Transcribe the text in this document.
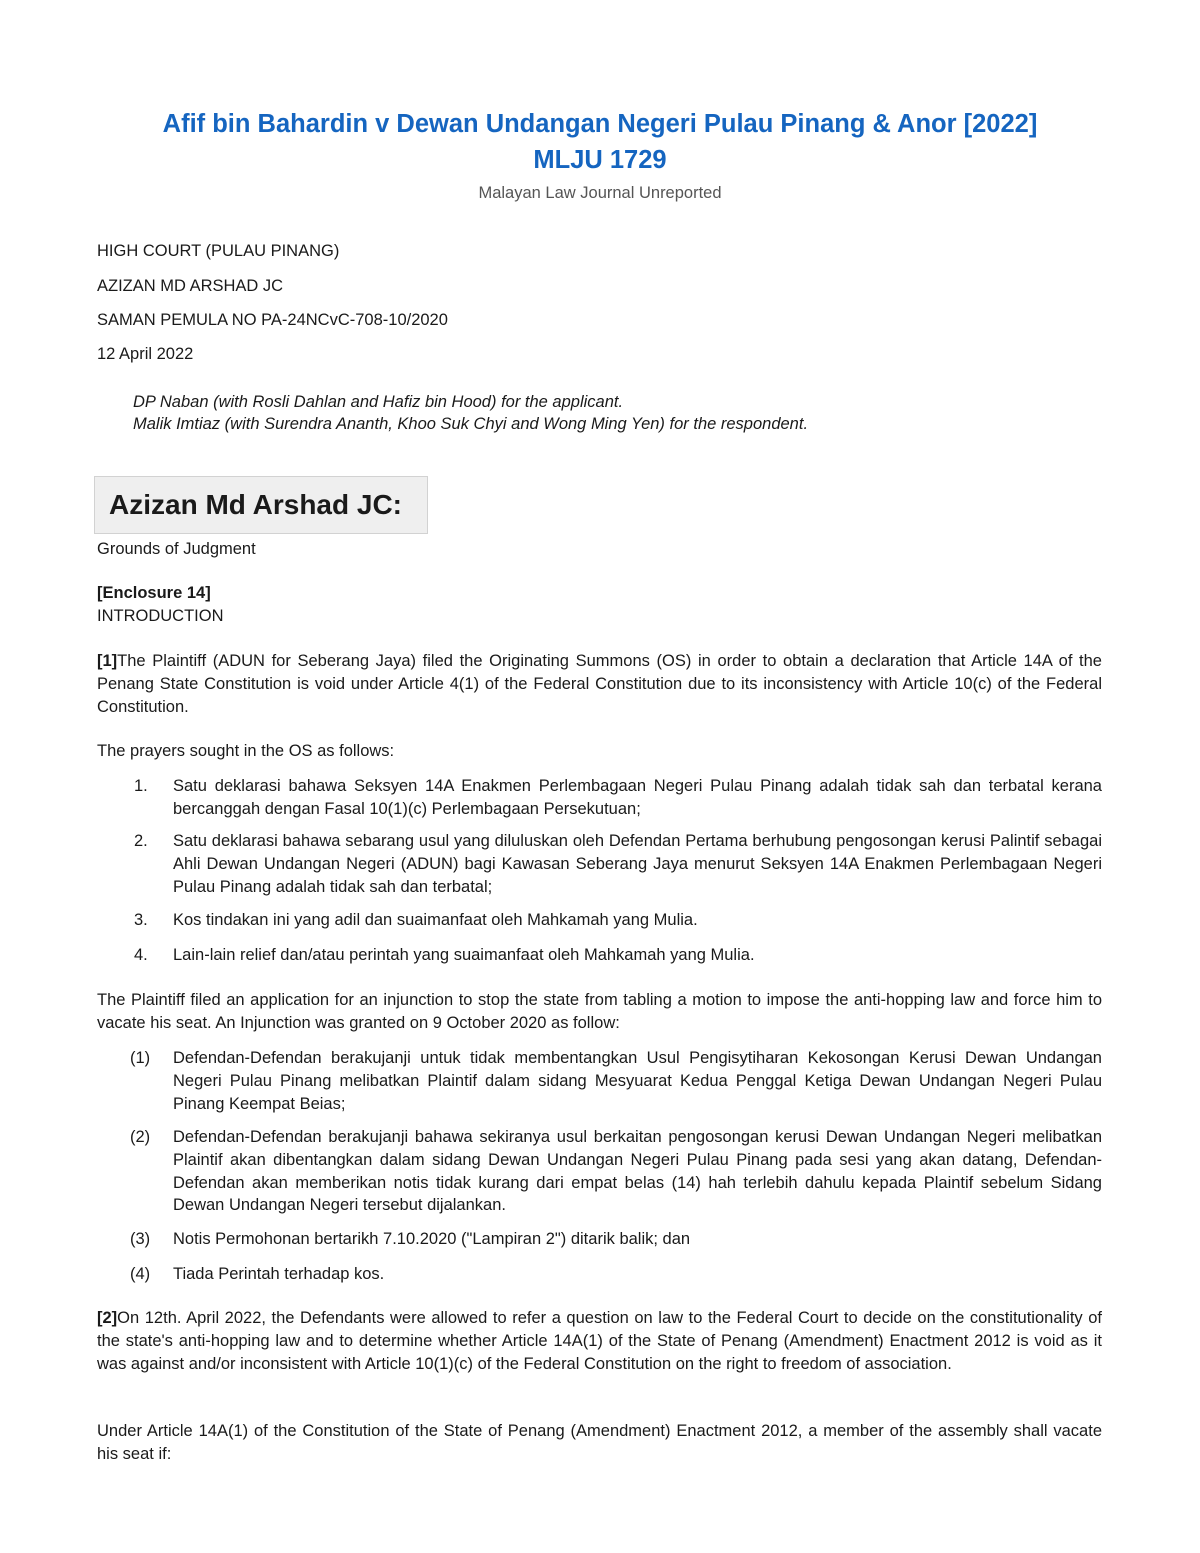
Afif bin Bahardin v Dewan Undangan Negeri Pulau Pinang & Anor [2022]
MLJU 1729

Malayan Law Journal Unreported

HIGH COURT (PULAU PINANG)

AZIZAN MD ARSHAD JC

SAMAN PEMULA NO PA-24NCvC-708-10/2020

12 April 2022

DP Naban (with Rosli Dahlan and Hafiz bin Hood) for the applicant.
Malik Imtiaz (with Surendra Ananth, Khoo Suk Chyi and Wong Ming Yen) for the respondent.

Azizan Md Arshad JC:

Grounds of Judgment

[Enclosure 14]
INTRODUCTION

[1]The Plaintiff (ADUN for Seberang Jaya) filed the Originating Summons (OS) in order to obtain a declaration that Article 14A of the Penang State Constitution is void under Article 4(1) of the Federal Constitution due to its inconsistency with Article 10(c) of the Federal Constitution.

The prayers sought in the OS as follows:

1. Satu deklarasi bahawa Seksyen 14A Enakmen Perlembagaan Negeri Pulau Pinang adalah tidak sah dan terbatal kerana bercanggah dengan Fasal 10(1)(c) Perlembagaan Persekutuan;
2. Satu deklarasi bahawa sebarang usul yang diluluskan oleh Defendan Pertama berhubung pengosongan kerusi Palintif sebagai Ahli Dewan Undangan Negeri (ADUN) bagi Kawasan Seberang Jaya menurut Seksyen 14A Enakmen Perlembagaan Negeri Pulau Pinang adalah tidak sah dan terbatal;
3. Kos tindakan ini yang adil dan suaimanfaat oleh Mahkamah yang Mulia.
4. Lain-lain relief dan/atau perintah yang suaimanfaat oleh Mahkamah yang Mulia.

The Plaintiff filed an application for an injunction to stop the state from tabling a motion to impose the anti-hopping law and force him to vacate his seat. An Injunction was granted on 9 October 2020 as follow:

(1) Defendan-Defendan berakujanji untuk tidak membentangkan Usul Pengisytiharan Kekosongan Kerusi Dewan Undangan Negeri Pulau Pinang melibatkan Plaintif dalam sidang Mesyuarat Kedua Penggal Ketiga Dewan Undangan Negeri Pulau Pinang Keempat Beias;
(2) Defendan-Defendan berakujanji bahawa sekiranya usul berkaitan pengosongan kerusi Dewan Undangan Negeri melibatkan Plaintif akan dibentangkan dalam sidang Dewan Undangan Negeri Pulau Pinang pada sesi yang akan datang, Defendan-Defendan akan memberikan notis tidak kurang dari empat belas (14) hah terlebih dahulu kepada Plaintif sebelum Sidang Dewan Undangan Negeri tersebut dijalankan.
(3) Notis Permohonan bertarikh 7.10.2020 ("Lampiran 2") ditarik balik; dan
(4) Tiada Perintah terhadap kos.

[2]On 12th. April 2022, the Defendants were allowed to refer a question on law to the Federal Court to decide on the constitutionality of the state's anti-hopping law and to determine whether Article 14A(1) of the State of Penang (Amendment) Enactment 2012 is void as it was against and/or inconsistent with Article 10(1)(c) of the Federal Constitution on the right to freedom of association.

Under Article 14A(1) of the Constitution of the State of Penang (Amendment) Enactment 2012, a member of the assembly shall vacate his seat if:
